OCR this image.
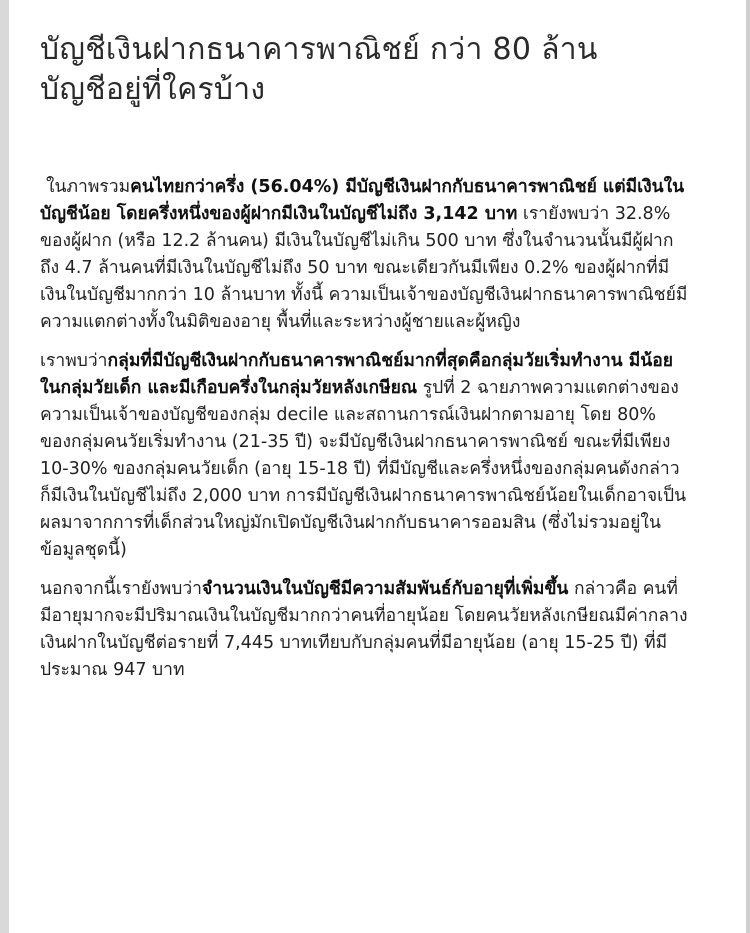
บัญชีเงินฝากธนาคารพาณิชย์ กว่า 80 ล้าน
บัญชีอยู่ที่ใครบ้าง

ในภาพรวมคนไทยกว่าครึ่ง (56.04%) มีบัญชีเงินฝากกับธนาคารพาณิชย์ แต่มีเงินในบัญชีน้อย โดยครึ่งหนึ่งของผู้ฝากมีเงินในบัญชีไม่ถึง 3,142 บาท เรายังพบว่า 32.8% ของผู้ฝาก (หรือ 12.2 ล้านคน) มีเงินในบัญชีไม่เกิน 500 บาท ซึ่งในจำนวนนั้นมีผู้ฝากถึง 4.7 ล้านคนที่มีเงินในบัญชีไม่ถึง 50 บาท ขณะเดียวกันมีเพียง 0.2% ของผู้ฝากที่มีเงินในบัญชีมากกว่า 10 ล้านบาท ทั้งนี้ ความเป็นเจ้าของบัญชีเงินฝากธนาคารพาณิชย์มีความแตกต่างทั้งในมิติของอายุ พื้นที่และระหว่างผู้ชายและผู้หญิง

เราพบว่ากลุ่มที่มีบัญชีเงินฝากกับธนาคารพาณิชย์มากที่สุดคือกลุ่มวัยเริ่มทำงาน มีน้อยในกลุ่มวัยเด็ก และมีเกือบครึ่งในกลุ่มวัยหลังเกษียณ รูปที่ 2 ฉายภาพความแตกต่างของความเป็นเจ้าของบัญชีของกลุ่ม decile และสถานการณ์เงินฝากตามอายุ โดย 80% ของกลุ่มคนวัยเริ่มทำงาน (21-35 ปี) จะมีบัญชีเงินฝากธนาคารพาณิชย์ ขณะที่มีเพียง 10-30% ของกลุ่มคนวัยเด็ก (อายุ 15-18 ปี) ที่มีบัญชีและครึ่งหนึ่งของกลุ่มคนดังกล่าวก็มีเงินในบัญชีไม่ถึง 2,000 บาท การมีบัญชีเงินฝากธนาคารพาณิชย์น้อยในเด็กอาจเป็นผลมาจากการที่เด็กส่วนใหญ่มักเปิดบัญชีเงินฝากกับธนาคารออมสิน (ซึ่งไม่รวมอยู่ในข้อมูลชุดนี้)

นอกจากนี้เรายังพบว่าจำนวนเงินในบัญชีมีความสัมพันธ์กับอายุที่เพิ่มขึ้น กล่าวคือ คนที่มีอายุมากจะมีปริมาณเงินในบัญชีมากกว่าคนที่อายุน้อย โดยคนวัยหลังเกษียณมีค่ากลางเงินฝากในบัญชีต่อรายที่ 7,445 บาทเทียบกับกลุ่มคนที่มีอายุน้อย (อายุ 15-25 ปี) ที่มีประมาณ 947 บาท
